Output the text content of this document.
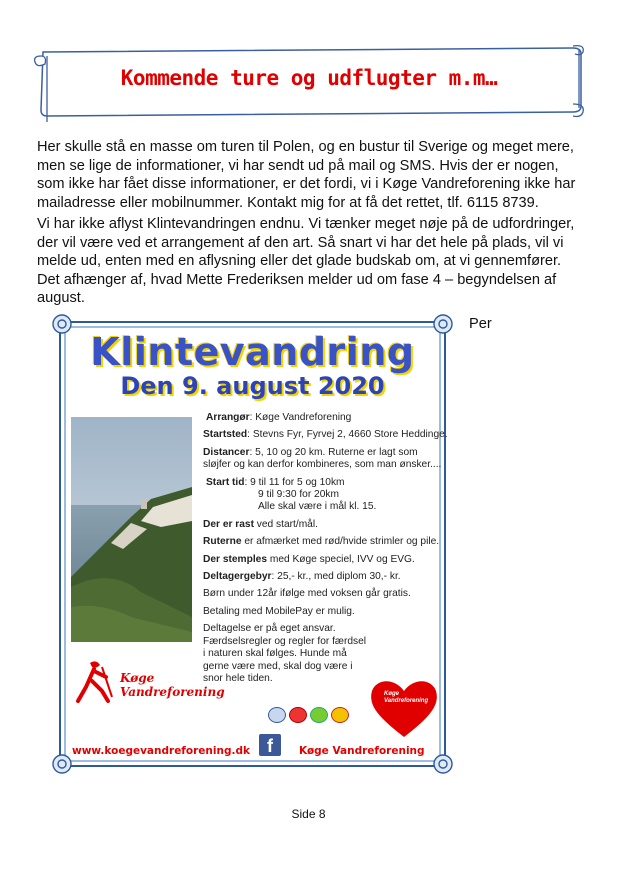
Kommende ture og udflugter m.m…
Her skulle stå en masse om turen til Polen, og en bustur til Sverige og meget mere, men se lige de informationer, vi har sendt ud på mail og SMS. Hvis der er nogen, som ikke har fået disse informationer, er det fordi, vi i Køge Vandreforening ikke har mailadresse eller mobilnummer. Kontakt mig for at få det rettet, tlf. 6115 8739.
Vi har ikke aflyst Klintevandringen endnu. Vi tænker meget nøje på de udfordringer, der vil være ved et arrangement af den art. Så snart vi har det hele på plads, vil vi melde ud, enten med en aflysning eller det glade budskab om, at vi gennemfører. Det afhænger af, hvad Mette Frederiksen melder ud om fase 4 – begyndelsen af august.
Per
Klintevandring
Den 9. august 2020
Arrangør: Køge Vandreforening
Startsted: Stevns Fyr, Fyrvej 2, 4660 Store Heddinge.
Distancer: 5, 10 og 20 km. Ruterne er lagt som sløjfer og kan derfor kombineres, som man ønsker....
Start tid: 9 til 11 for 5 og 10km
9 til 9:30 for 20km
Alle skal være i mål kl. 15.
Der er rast ved start/mål.
Ruterne er afmærket med rød/hvide strimler og pile.
Der stemples med Køge speciel, IVV og EVG.
Deltagergebyr: 25,- kr., med diplom 30,- kr.
Børn under 12år ifølge med voksen går gratis.
Betaling med MobilePay er mulig.
Deltagelse er på eget ansvar. Færdselsregler og regler for færdsel i naturen skal følges. Hunde må gerne være med, skal dog være i snor hele tiden.
Køge Vandreforening	Køge Vandreforening
www.koegevandreforening.dk f	Køge Vandreforening
Side 8
